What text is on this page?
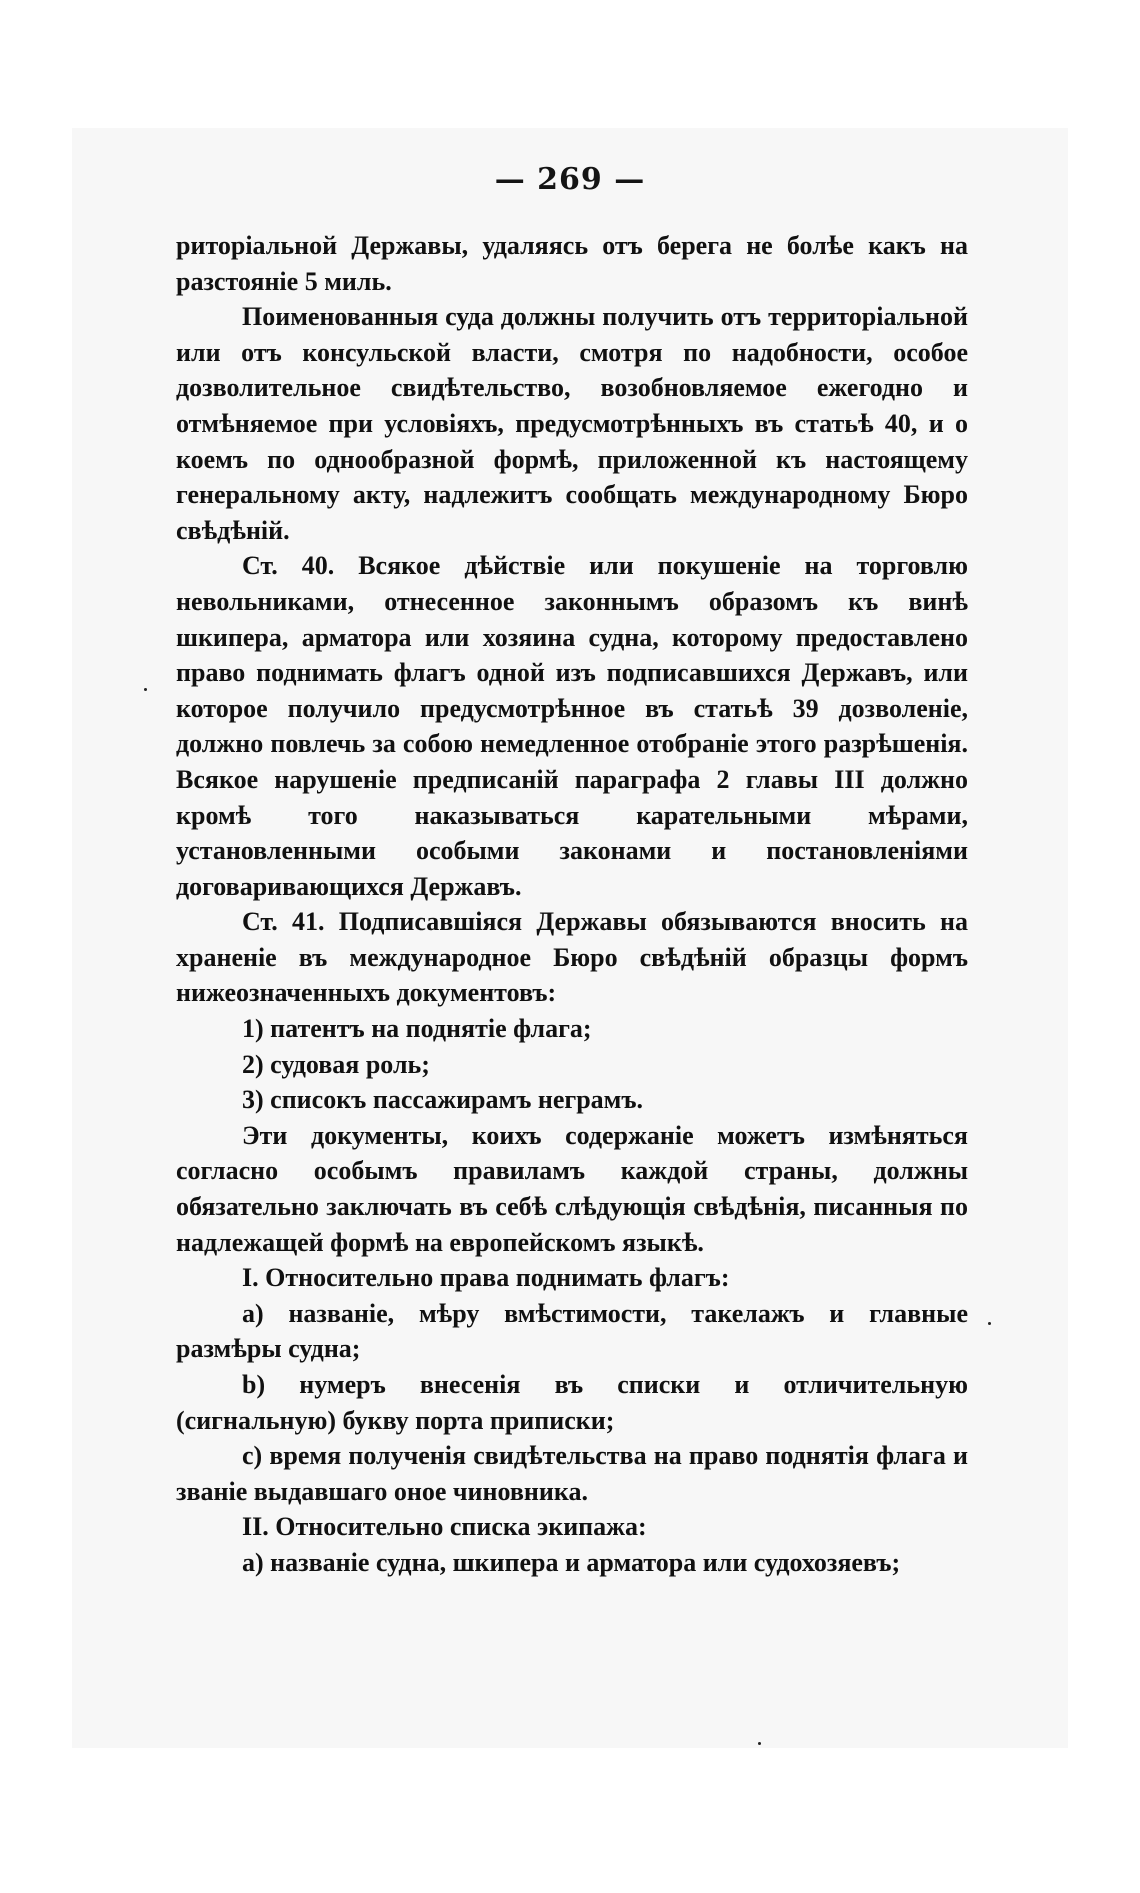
— 269 —

риторіальной Державы, удаляясь отъ берега не болѣе какъ на разстояніе 5 миль.

Поименованныя суда должны получить отъ территоріальной или отъ консульской власти, смотря по надобности, особое дозволительное свидѣтельство, возобновляемое ежегодно и отмѣняемое при условіяхъ, предусмотрѣнныхъ въ статьѣ 40, и о коемъ по однообразной формѣ, приложенной къ настоящему генеральному акту, надлежитъ сообщать международному Бюро свѣдѣній.

Ст. 40. Всякое дѣйствіе или покушеніе на торговлю невольниками, отнесенное законнымъ образомъ къ винѣ шкипера, арматора или хозяина судна, которому предоставлено право поднимать флагъ одной изъ подписавшихся Державъ, или которое получило предусмотрѣнное въ статьѣ 39 дозволеніе, должно повлечь за собою немедленное отобраніе этого разрѣшенія. Всякое нарушеніе предписаній параграфа 2 главы III должно кромѣ того наказываться карательными мѣрами, установленными особыми законами и постановленіями договаривающихся Державъ.

Ст. 41. Подписавшіяся Державы обязываются вносить на храненіе въ международное Бюро свѣдѣній образцы формъ нижеозначенныхъ документовъ:

1) патентъ на поднятіе флага;

2) судовая роль;

3) списокъ пассажирамъ неграмъ.

Эти документы, коихъ содержаніе можетъ измѣняться согласно особымъ правиламъ каждой страны, должны обязательно заключать въ себѣ слѣдующія свѣдѣнія, писанныя по надлежащей формѣ на европейскомъ языкѣ.

I. Относительно права поднимать флагъ:

а) названіе, мѣру вмѣстимости, такелажъ и главные размѣры судна;

b) нумеръ внесенія въ списки и отличительную (сигнальную) букву порта приписки;

c) время полученія свидѣтельства на право поднятія флага и званіе выдавшаго оное чиновника.

II. Относительно списка экипажа:

а) названіе судна, шкипера и арматора или судохозяевъ;
